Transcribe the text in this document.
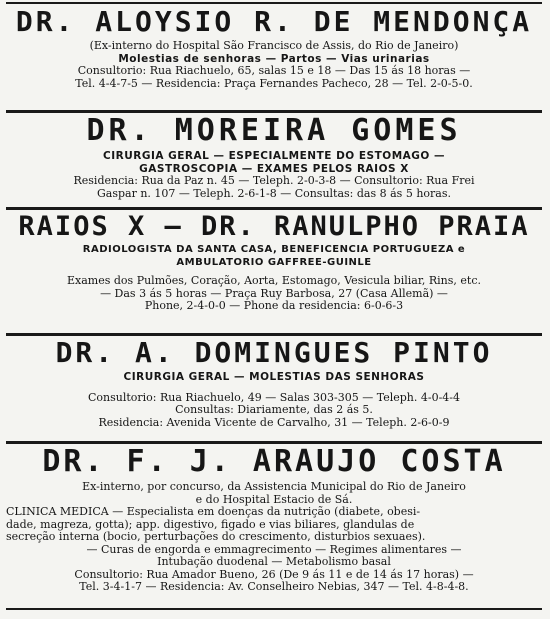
DR. ALOYSIO R. DE MENDONÇA
(Ex-interno do Hospital São Francisco de Assis, do Rio de Janeiro)
Molestias de senhoras — Partos — Vias urinarias
Consultorio: Rua Riachuelo, 65, salas 15 e 18 — Das 15 ás 18 horas —
Tel. 4-4-7-5 — Residencia: Praça Fernandes Pacheco, 28 — Tel. 2-0-5-0.
DR. MOREIRA GOMES
CIRURGIA GERAL — ESPECIALMENTE DO ESTOMAGO —
GASTROSCOPIA — EXAMES PELOS RAIOS X
Residencia: Rua da Paz n. 45 — Teleph. 2-0-3-8 — Consultorio: Rua Frei
Gaspar n. 107 — Teleph. 2-6-1-8 — Consultas: das 8 ás 5 horas.
RAIOS X — DR. RANULPHO PRAIA
RADIOLOGISTA DA SANTA CASA, BENEFICENCIA PORTUGUEZA e
AMBULATORIO GAFFREE-GUINLE
Exames dos Pulmões, Coração, Aorta, Estomago, Vesicula biliar, Rins, etc.
— Das 3 ás 5 horas — Praça Ruy Barbosa, 27 (Casa Allemã) —
Phone, 2-4-0-0 — Phone da residencia: 6-0-6-3
DR. A. DOMINGUES PINTO
CIRURGIA GERAL — MOLESTIAS DAS SENHORAS
Consultorio: Rua Riachuelo, 49 — Salas 303-305 — Teleph. 4-0-4-4
Consultas: Diariamente, das 2 ás 5.
Residencia: Avenida Vicente de Carvalho, 31 — Teleph. 2-6-0-9
DR. F. J. ARAUJO COSTA
Ex-interno, por concurso, da Assistencia Municipal do Rio de Janeiro
e do Hospital Estacio de Sá.
CLINICA MEDICA — Especialista em doenças da nutrição (diabete, obesi-
dade, magreza, gotta); app. digestivo, figado e vias biliares, glandulas de
secreção interna (bocio, perturbações do crescimento, disturbios sexuaes).
— Curas de engorda e emmagrecimento — Regimes alimentares —
Intubação duodenal — Metabolismo basal
Consultorio: Rua Amador Bueno, 26 (De 9 ás 11 e de 14 ás 17 horas) —
Tel. 3-4-1-7 — Residencia: Av. Conselheiro Nebias, 347 — Tel. 4-8-4-8.
